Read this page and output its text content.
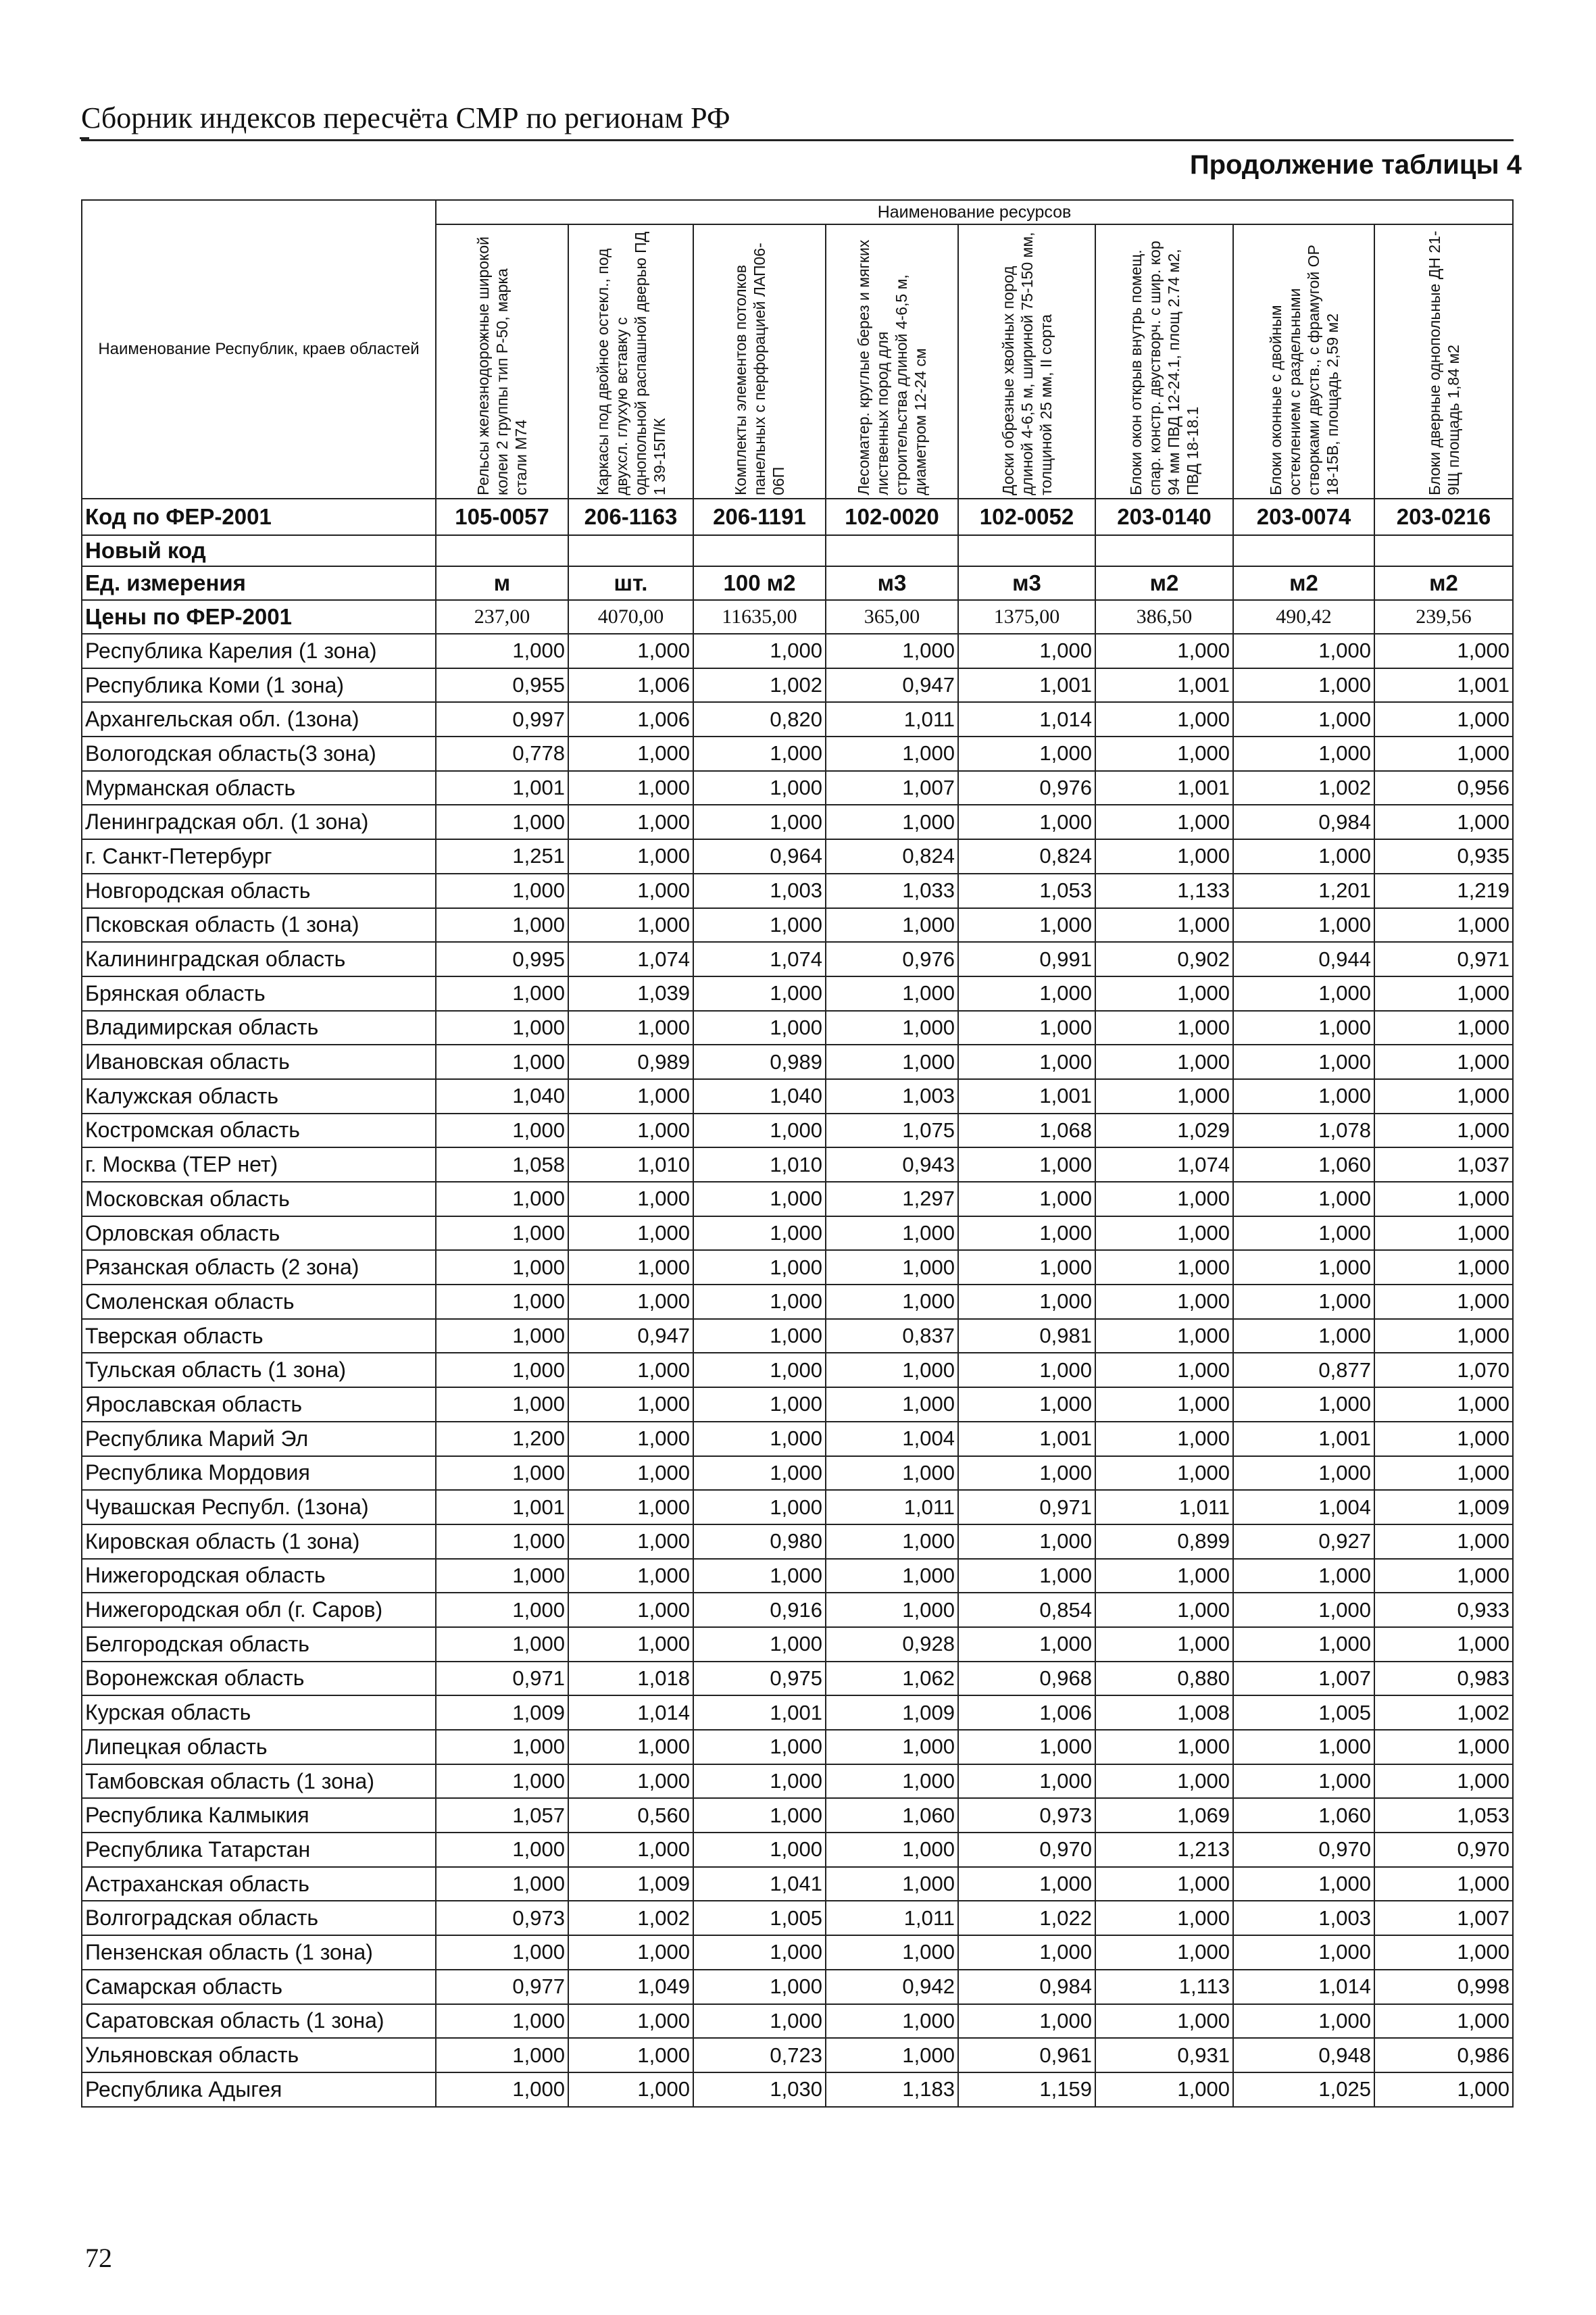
Сборник индексов пересчёта СМР по регионам РФ
Продолжение таблицы 4
Наименование Республик, краев областей	Наименование ресурсов							

	Рельсы железнодорожные широкой колеи 2 группы тип Р-50, марка стали М74	Каркасы под двойное остекл., под двухсл. глухую вставку с однопольной распашной дверью ПД 1 39-15П/К	Комплекты элементов потолков панельных с перфорацией ЛАП06-06П	Лесоматер. круглые берез и мягких лиственных пород для строительства длиной 4-6,5 м, диаметром 12-24 см	Доски обрезные хвойных пород длиной 4-6,5 м, шириной 75-150 мм, толщиной 25 мм, II сорта	Блоки окон открыв внутрь помещ. спар. констр. двустворч. с шир. кор 94 мм ПВД 12-24.1, площ 2.74 м2, ПВД 18-18.1	Блоки оконные с двойным остеклением с раздельными створками двуств., с фрамугой ОР 18-15В, площадь 2,59 м2	Блоки дверные однопольные ДН 21-9Щ площадь 1,84 м2

Код по ФЕР-2001	105-0057	206-1163	206-1191	102-0020	102-0052	203-0140	203-0074	203-0216
Новый код								
Ед. измерения	м	шт.	100 м2	м3	м3	м2	м2	м2
Цены по ФЕР-2001	237,00	4070,00	11635,00	365,00	1375,00	386,50	490,42	239,56
Республика Карелия (1 зона)	1,000	1,000	1,000	1,000	1,000	1,000	1,000	1,000
Республика Коми (1 зона)	0,955	1,006	1,002	0,947	1,001	1,001	1,000	1,001
Архангельская обл. (1зона)	0,997	1,006	0,820	1,011	1,014	1,000	1,000	1,000
Вологодская область(3 зона)	0,778	1,000	1,000	1,000	1,000	1,000	1,000	1,000
Мурманская область	1,001	1,000	1,000	1,007	0,976	1,001	1,002	0,956
Ленинградская обл. (1 зона)	1,000	1,000	1,000	1,000	1,000	1,000	0,984	1,000
г. Санкт-Петербург	1,251	1,000	0,964	0,824	0,824	1,000	1,000	0,935
Новгородская область	1,000	1,000	1,003	1,033	1,053	1,133	1,201	1,219
Псковская область (1 зона)	1,000	1,000	1,000	1,000	1,000	1,000	1,000	1,000
Калининградская область	0,995	1,074	1,074	0,976	0,991	0,902	0,944	0,971
Брянская область	1,000	1,039	1,000	1,000	1,000	1,000	1,000	1,000
Владимирская область	1,000	1,000	1,000	1,000	1,000	1,000	1,000	1,000
Ивановская область	1,000	0,989	0,989	1,000	1,000	1,000	1,000	1,000
Калужская область	1,040	1,000	1,040	1,003	1,001	1,000	1,000	1,000
Костромская область	1,000	1,000	1,000	1,075	1,068	1,029	1,078	1,000
г. Москва (ТЕР нет)	1,058	1,010	1,010	0,943	1,000	1,074	1,060	1,037
Московская область	1,000	1,000	1,000	1,297	1,000	1,000	1,000	1,000
Орловская область	1,000	1,000	1,000	1,000	1,000	1,000	1,000	1,000
Рязанская область (2 зона)	1,000	1,000	1,000	1,000	1,000	1,000	1,000	1,000
Смоленская область	1,000	1,000	1,000	1,000	1,000	1,000	1,000	1,000
Тверская область	1,000	0,947	1,000	0,837	0,981	1,000	1,000	1,000
Тульская область (1 зона)	1,000	1,000	1,000	1,000	1,000	1,000	0,877	1,070
Ярославская область	1,000	1,000	1,000	1,000	1,000	1,000	1,000	1,000
Республика Марий Эл	1,200	1,000	1,000	1,004	1,001	1,000	1,001	1,000
Республика Мордовия	1,000	1,000	1,000	1,000	1,000	1,000	1,000	1,000
Чувашская Республ. (1зона)	1,001	1,000	1,000	1,011	0,971	1,011	1,004	1,009
Кировская область (1 зона)	1,000	1,000	0,980	1,000	1,000	0,899	0,927	1,000
Нижегородская область	1,000	1,000	1,000	1,000	1,000	1,000	1,000	1,000
Нижегородская обл (г. Саров)	1,000	1,000	0,916	1,000	0,854	1,000	1,000	0,933
Белгородская область	1,000	1,000	1,000	0,928	1,000	1,000	1,000	1,000
Воронежская область	0,971	1,018	0,975	1,062	0,968	0,880	1,007	0,983
Курская область	1,009	1,014	1,001	1,009	1,006	1,008	1,005	1,002
Липецкая область	1,000	1,000	1,000	1,000	1,000	1,000	1,000	1,000
Тамбовская область (1 зона)	1,000	1,000	1,000	1,000	1,000	1,000	1,000	1,000
Республика Калмыкия	1,057	0,560	1,000	1,060	0,973	1,069	1,060	1,053
Республика Татарстан	1,000	1,000	1,000	1,000	0,970	1,213	0,970	0,970
Астраханская область	1,000	1,009	1,041	1,000	1,000	1,000	1,000	1,000
Волгоградская область	0,973	1,002	1,005	1,011	1,022	1,000	1,003	1,007
Пензенская область (1 зона)	1,000	1,000	1,000	1,000	1,000	1,000	1,000	1,000
Самарская область	0,977	1,049	1,000	0,942	0,984	1,113	1,014	0,998
Саратовская область (1 зона)	1,000	1,000	1,000	1,000	1,000	1,000	1,000	1,000
Ульяновская область	1,000	1,000	0,723	1,000	0,961	0,931	0,948	0,986
Республика Адыгея	1,000	1,000	1,030	1,183	1,159	1,000	1,025	1,000
72
